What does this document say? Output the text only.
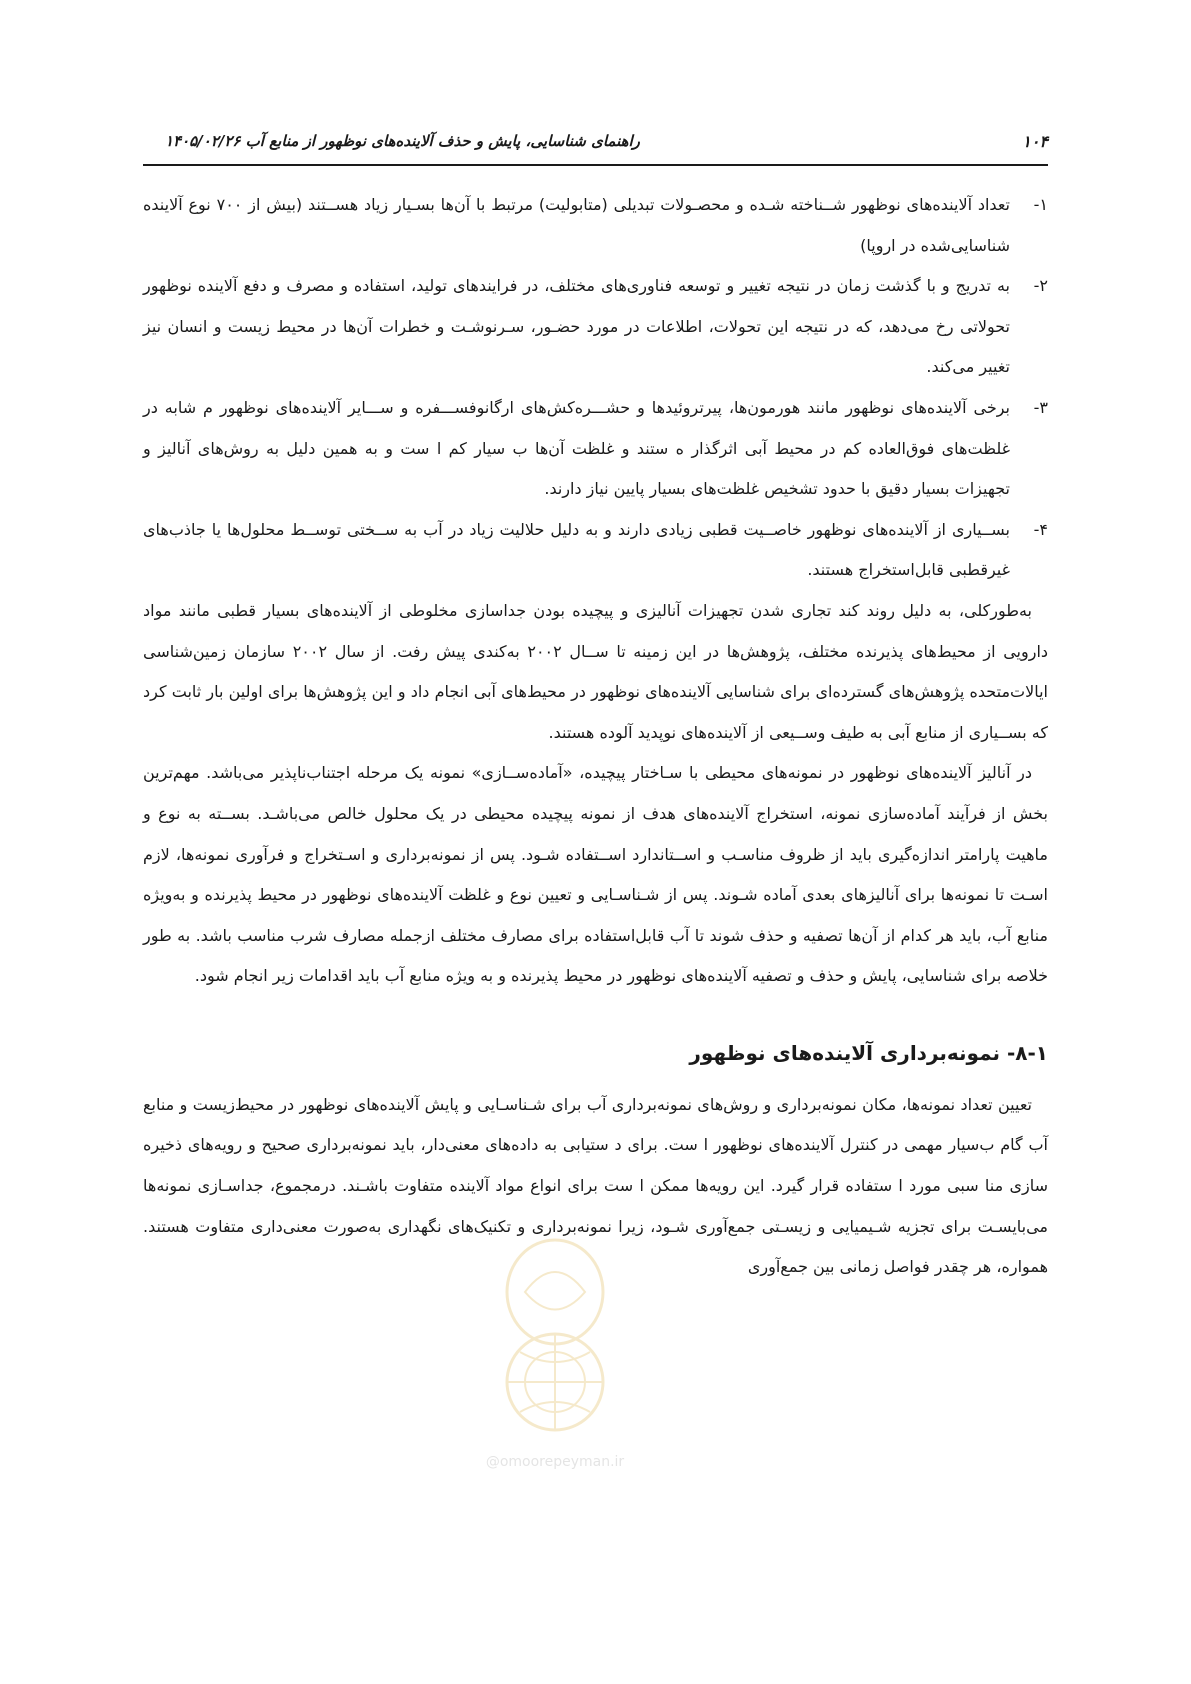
۱۰۴
راهنمای شناسایی، پایش و حذف آلاینده‌های نوظهور از منابع آب ۱۴۰۵/۰۲/۲۶
۱-
تعداد آلاینده‌های نوظهور شــناخته شـده و محصـولات تبدیلی (متابولیت) مرتبط با آن‌ها بسـیار زیاد هســتند (بیش از ۷۰۰ نوع آلاینده شناسایی‌شده در اروپا)
۲-
به تدریج و با گذشت زمان در نتیجه تغییر و توسعه فناوری‌های مختلف، در فرایندهای تولید، استفاده و مصرف و دفع آلاینده نوظهور تحولاتی رخ می‌دهد، که در نتیجه این تحولات، اطلاعات در مورد حضـور، سـرنوشـت و خطرات آن‌ها در محیط زیست و انسان نیز تغییر می‌کند.
۳-
برخی آلاینده‌های نوظهور مانند هورمون‌ها، پیرتروئیدها و حشـــره‌کش‌های ارگانوفســـفره و ســـایر آلاینده‌های نوظهور م شابه در غلظت‌های فوق‌العاده کم در محیط آبی اثرگذار ه ستند و غلظت آن‌ها ب سیار کم ا ست و به همین دلیل به روش‌های آنالیز و تجهیزات بسیار دقیق با حدود تشخیص غلظت‌های بسیار پایین نیاز دارند.
۴-
بســیاری از آلاینده‌های نوظهور خاصــیت قطبی زیادی دارند و به دلیل حلالیت زیاد در آب به ســختی توســط محلول‌ها یا جاذب‌های غیرقطبی قابل‌استخراج هستند.

به‌طورکلی، به دلیل روند کند تجاری شدن تجهیزات آنالیزی و پیچیده بودن جداسازی مخلوطی از آلاینده‌های بسیار قطبی مانند مواد دارویی از محیط‌های پذیرنده مختلف، پژوهش‌ها در این زمینه تا ســال ۲۰۰۲ به‌کندی پیش رفت. از سال ۲۰۰۲ سازمان زمین‌شناسی ایالات‌متحده پژوهش‌های گسترده‌ای برای شناسایی آلاینده‌های نوظهور در محیط‌های آبی انجام داد و این پژوهش‌ها برای اولین بار ثابت کرد که بســیاری از منابع آبی به طیف وســیعی از آلاینده‌های نوپدید آلوده هستند.

در آنالیز آلاینده‌های نوظهور در نمونه‌های محیطی با سـاختار پیچیده، «آماده‌ســازی» نمونه یک مرحله اجتناب‌ناپذیر می‌باشد. مهم‌ترین بخش از فرآیند آماده‌سازی نمونه، استخراج آلاینده‌های هدف از نمونه پیچیده محیطی در یک محلول خالص می‌باشـد. بســته به نوع و ماهیت پارامتر اندازه‌گیری باید از ظروف مناسـب و اســتاندارد اســتفاده شـود. پس از نمونه‌برداری و اسـتخراج و فرآوری نمونه‌ها، لازم اسـت تا نمونه‌ها برای آنالیزهای بعدی آماده شـوند. پس از شـناسـایی و تعیین نوع و غلظت آلاینده‌های نوظهور در محیط پذیرنده و به‌ویژه منابع آب، باید هر کدام از آن‌ها تصفیه و حذف شوند تا آب قابل‌استفاده برای مصارف مختلف ازجمله مصارف شرب مناسب باشد. به طور خلاصه برای شناسایی، پایش و حذف و تصفیه آلاینده‌های نوظهور در محیط پذیرنده و به ویژه منابع آب باید اقدامات زیر انجام شود.

۸-۱- نمونه‌برداری آلاینده‌های نوظهور

تعیین تعداد نمونه‌ها، مکان نمونه‌برداری و روش‌های نمونه‌برداری آب برای شـناسـایی و پایش آلاینده‌های نوظهور در محیط‌زیست و منابع آب گام ب‌سیار مهمی در کنترل آلاینده‌های نوظهور ا ست. برای د ستیابی به داده‌های معنی‌دار، باید نمونه‌برداری صحیح و رویه‌های ذخیره سازی منا سبی مورد ا ستفاده قرار گیرد. این رویه‌ها ممکن ا ست برای انواع مواد آلاینده متفاوت باشـند. درمجموع، جداسـازی نمونه‌ها می‌بایسـت برای تجزیه شـیمیایی و زیسـتی جمع‌آوری شـود، زیرا نمونه‌برداری و تکنیک‌های نگهداری به‌صورت معنی‌داری متفاوت هستند. همواره، هر چقدر فواصل زمانی بین جمع‌آوری

@omoorepeyman.ir
